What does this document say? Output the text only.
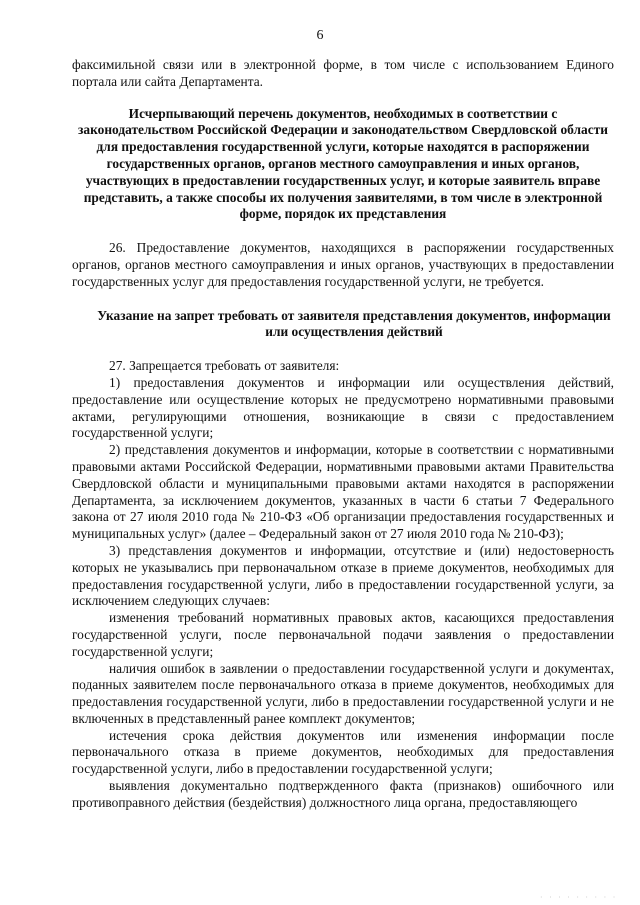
6

факсимильной связи или в электронной форме, в том числе с использованием Единого портала или сайта Департамента.

Исчерпывающий перечень документов, необходимых в соответствии с законодательством Российской Федерации и законодательством Свердловской области для предоставления государственной услуги, которые находятся в распоряжении государственных органов, органов местного самоуправления и иных органов, участвующих в предоставлении государственных услуг, и которые заявитель вправе представить, а также способы их получения заявителями, в том числе в электронной форме, порядок их представления

26. Предоставление документов, находящихся в распоряжении государственных органов, органов местного самоуправления и иных органов, участвующих в предоставлении государственных услуг для предоставления государственной услуги, не требуется.

Указание на запрет требовать от заявителя представления документов, информации или осуществления действий

27. Запрещается требовать от заявителя:

1) предоставления документов и информации или осуществления действий, предоставление или осуществление которых не предусмотрено нормативными правовыми актами, регулирующими отношения, возникающие в связи с предоставлением государственной услуги;

2) представления документов и информации, которые в соответствии с нормативными правовыми актами Российской Федерации, нормативными правовыми актами Правительства Свердловской области и муниципальными правовыми актами находятся в распоряжении Департамента, за исключением документов, указанных в части 6 статьи 7 Федерального закона от 27 июля 2010 года № 210-ФЗ «Об организации предоставления государственных и муниципальных услуг» (далее – Федеральный закон от 27 июля 2010 года № 210-ФЗ);

3) представления документов и информации, отсутствие и (или) недостоверность которых не указывались при первоначальном отказе в приеме документов, необходимых для предоставления государственной услуги, либо в предоставлении государственной услуги, за исключением следующих случаев:

изменения требований нормативных правовых актов, касающихся предоставления государственной услуги, после первоначальной подачи заявления о предоставлении государственной услуги;

наличия ошибок в заявлении о предоставлении государственной услуги и документах, поданных заявителем после первоначального отказа в приеме документов, необходимых для предоставления государственной услуги, либо в предоставлении государственной услуги и не включенных в представленный ранее комплект документов;

истечения срока действия документов или изменения информации после первоначального отказа в приеме документов, необходимых для предоставления государственной услуги, либо в предоставлении государственной услуги;

выявления документально подтвержденного факта (признаков) ошибочного или противоправного действия (бездействия) должностного лица органа, предоставляющего

· · · · · · · · ·
